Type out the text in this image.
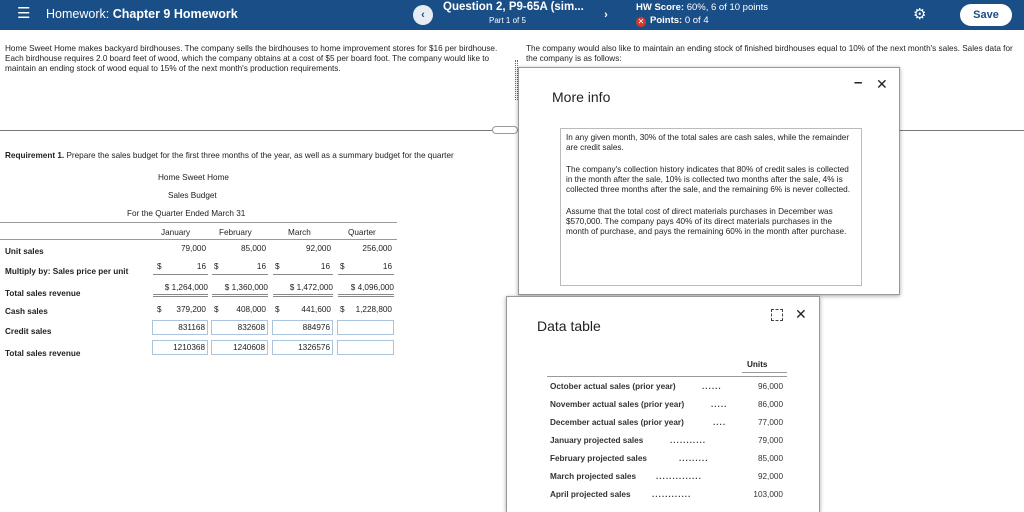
☰ Homework: Chapter 9 Homework	‹
Question 2, P9-65A (sim...
Part 1 of 5	›
HW Score: 60%, 6 of 10 points
✕ Points: 0 of 4	⚙	Save
Home Sweet Home makes backyard birdhouses. The company sells the birdhouses to home improvement stores for $16 per birdhouse. Each birdhouse requires 2.0 board feet of wood, which the company obtains at a cost of $5 per board foot. The company would like to maintain an ending stock of wood equal to 15% of the next month's production requirements.
The company would also like to maintain an ending stock of finished birdhouses equal to 10% of the next month's sales. Sales data for the company is as follows:
Requirement 1. Prepare the sales budget for the first three months of the year, as well as a summary budget for the quarter
Home Sweet Home
Sales Budget
For the Quarter Ended March 31
January	February	March	Quarter
Unit sales	79,000	85,000	92,000	256,000
Multiply by: Sales price per unit
$	16 $	16 $	16 $	16
Total sales revenue
$ 1,264,000	$ 1,360,000	$ 1,472,000	$ 4,096,000
Cash sales	$	379,200 $	408,000 $	441,600 $	1,228,800
Credit sales	831168	832608	884976
Total sales revenue
1210368	1240608	1326576
More info
– ✕

In any given month, 30% of the total sales are cash sales, while the remainder are credit sales.

The company's collection history indicates that 80% of credit sales is collected in the month after the sale, 10% is collected two months after the sale, 4% is collected three months after the sale, and the remaining 6% is never collected.

Assume that the total cost of direct materials purchases in December was $570,000. The company pays 40% of its direct materials purchases in the month of purchase, and pays the remaining 60% in the month after purchase.

Data table
✕
Units
October actual sales (prior year)	......	96,000
November actual sales (prior year)	.....	86,000
December actual sales (prior year)	....	77,000
January projected sales	...........	79,000
February projected sales	.........	85,000
March projected sales ..............	92,000
April projected sales	............	103,000
